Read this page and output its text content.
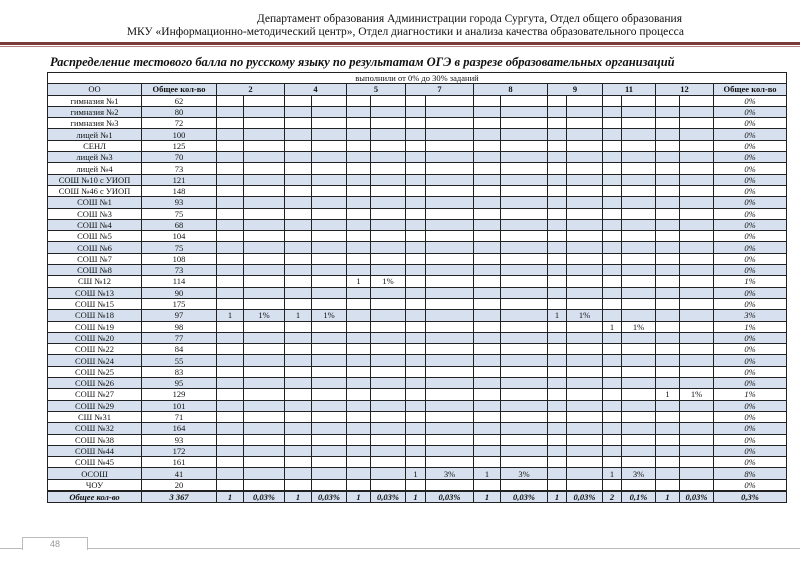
Департамент образования Администрации города Сургута, Отдел общего образования
МКУ «Информационно-методический центр», Отдел диагностики и анализа качества образовательного процесса
Распределение тестового балла по русскому языку по результатам ОГЭ в разрезе образовательных организаций
выполнили от 0% до 30% заданий																		
ОО	Общее кол-во	2		4		5		7		8		9		11		12		Общее кол-во
гимназия №1	62																	0%
гимназия №2	80																	0%
гимназия №3	72																	0%
лицей №1	100																	0%
СЕНЛ	125																	0%
лицей №3	70																	0%
лицей №4	73																	0%
СОШ №10 с УИОП	121																	0%
СОШ №46 с УИОП	148																	0%
СОШ №1	93																	0%
СОШ №3	75																	0%
СОШ №4	68																	0%
СОШ №5	104																	0%
СОШ №6	75																	0%
СОШ №7	108																	0%
СОШ №8	73																	0%
СШ №12	114					1	1%											1%
СОШ №13	90																	0%
СОШ №15	175																	0%
СОШ №18	97	1	1%	1	1%							1	1%					3%
СОШ №19	98													1	1%			1%
СОШ №20	77																	0%
СОШ №22	84																	0%
СОШ №24	55																	0%
СОШ №25	83																	0%
СОШ №26	95																	0%
СОШ №27	129															1	1%	1%
СОШ №29	101																	0%
СШ №31	71																	0%
СОШ №32	164																	0%
СОШ №38	93																	0%
СОШ №44	172																	0%
СОШ №45	161																	0%
ОСОШ	41							1	3%	1	3%			1	3%			8%
ЧОУ	20																	0%
Общее кол-во	3 367	1	0,03%	1	0,03%	1	0,03%	1	0,03%	1	0,03%	1	0,03%	2	0,1%	1	0,03%	0,3%
48
